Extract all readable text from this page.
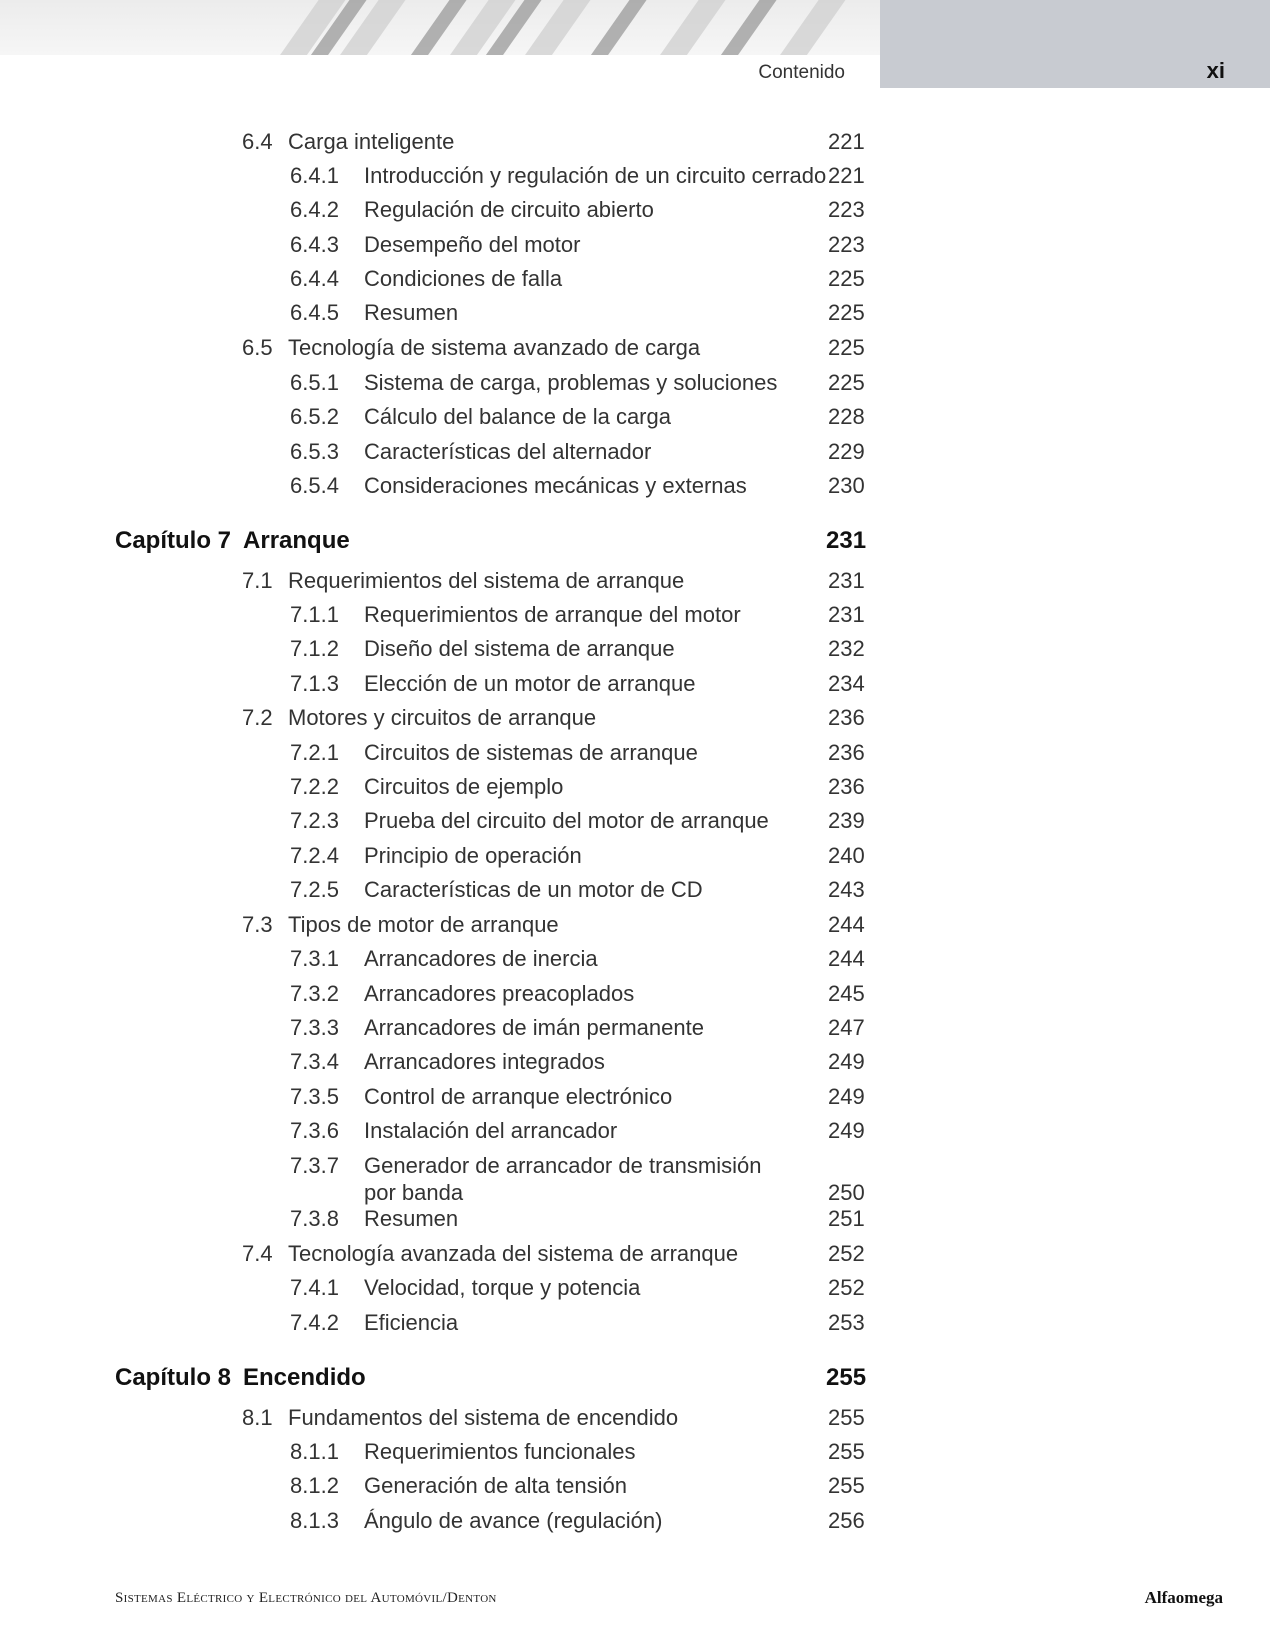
Contenido	xi
6.4 Carga inteligente	221
6.4.1 Introducción y regulación de un circuito cerrado 221
6.4.2 Regulación de circuito abierto	223
6.4.3 Desempeño del motor	223
6.4.4 Condiciones de falla	225
6.4.5 Resumen	225
6.5 Tecnología de sistema avanzado de carga	225
6.5.1 Sistema de carga, problemas y soluciones 225
6.5.2 Cálculo del balance de la carga	228
6.5.3 Características del alternador	229
6.5.4 Consideraciones mecánicas y externas	230
Capítulo 7 Arranque	231
7.1 Requerimientos del sistema de arranque	231
7.1.1 Requerimientos de arranque del motor	231
7.1.2 Diseño del sistema de arranque	232
7.1.3 Elección de un motor de arranque	234
7.2 Motores y circuitos de arranque	236
7.2.1 Circuitos de sistemas de arranque	236
7.2.2 Circuitos de ejemplo	236
7.2.3 Prueba del circuito del motor de arranque	239
7.2.4 Principio de operación	240
7.2.5 Características de un motor de CD	243
7.3 Tipos de motor de arranque	244
7.3.1 Arrancadores de inercia	244
7.3.2 Arrancadores preacoplados	245
7.3.3 Arrancadores de imán permanente	247
7.3.4 Arrancadores integrados	249
7.3.5 Control de arranque electrónico	249
7.3.6 Instalación del arrancador	249
7.3.7 Generador de arrancador de transmisión
por banda	250
7.3.8 Resumen	251
7.4 Tecnología avanzada del sistema de arranque	252
7.4.1 Velocidad, torque y potencia	252
7.4.2 Eficiencia	253
Capítulo 8 Encendido	255
8.1 Fundamentos del sistema de encendido	255
8.1.1 Requerimientos funcionales	255
8.1.2 Generación de alta tensión	255
8.1.3 Ángulo de avance (regulación)	256
Sistemas Eléctrico y Electrónico del Automóvil/Denton	Alfaomega
